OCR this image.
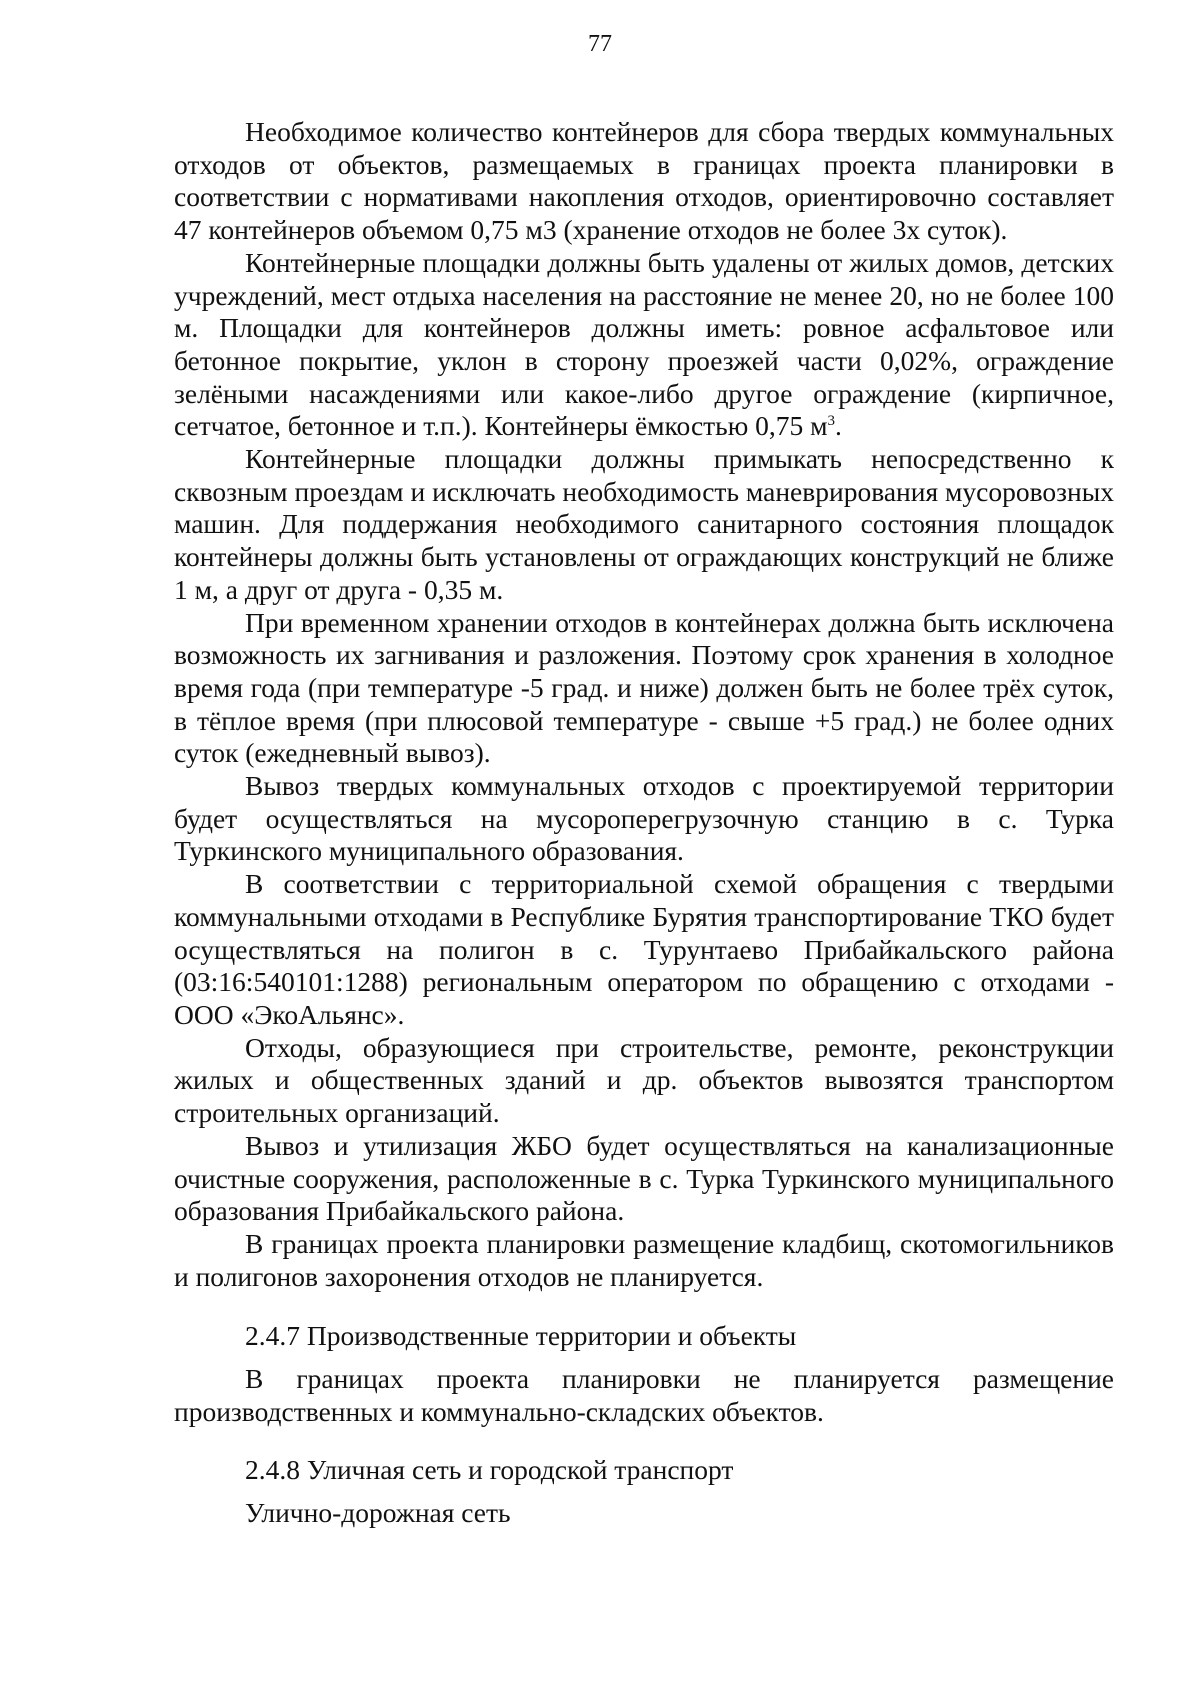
77

Необходимое количество контейнеров для сбора твердых коммунальных отходов от объектов, размещаемых в границах проекта планировки в соответствии с нормативами накопления отходов, ориентировочно составляет 47 контейнеров объемом 0,75 м3 (хранение отходов не более 3х суток).

Контейнерные площадки должны быть удалены от жилых домов, детских учреждений, мест отдыха населения на расстояние не менее 20, но не более 100 м. Площадки для контейнеров должны иметь: ровное асфальтовое или бетонное покрытие, уклон в сторону проезжей части 0,02%, ограждение зелёными насаждениями или какое-либо другое ограждение (кирпичное, сетчатое, бетонное и т.п.). Контейнеры ёмкостью 0,75 $м^3$.

Контейнерные площадки должны примыкать непосредственно к сквозным проездам и исключать необходимость маневрирования мусоровозных машин. Для поддержания необходимого санитарного состояния площадок контейнеры должны быть установлены от ограждающих конструкций не ближе 1 м, а друг от друга - 0,35 м.

При временном хранении отходов в контейнерах должна быть исключена возможность их загнивания и разложения. Поэтому срок хранения в холодное время года (при температуре -5 град. и ниже) должен быть не более трёх суток, в тёплое время (при плюсовой температуре - свыше +5 град.) не более одних суток (ежедневный вывоз).

Вывоз твердых коммунальных отходов с проектируемой территории будет осуществляться на мусороперегрузочную станцию в с. Турка Туркинского муниципального образования.

В соответствии с территориальной схемой обращения с твердыми коммунальными отходами в Республике Бурятия транспортирование ТКО будет осуществляться на полигон в с. Турунтаево Прибайкальского района (03:16:540101:1288) региональным оператором по обращению с отходами - ООО «ЭкоАльянс».

Отходы, образующиеся при строительстве, ремонте, реконструкции жилых и общественных зданий и др. объектов вывозятся транспортом строительных организаций.

Вывоз и утилизация ЖБО будет осуществляться на канализационные очистные сооружения, расположенные в с. Турка Туркинского муниципального образования Прибайкальского района.

В границах проекта планировки размещение кладбищ, скотомогильников и полигонов захоронения отходов не планируется.

2.4.7 Производственные территории и объекты

В границах проекта планировки не планируется размещение производственных и коммунально-складских объектов.

2.4.8 Уличная сеть и городской транспорт

Улично-дорожная сеть
